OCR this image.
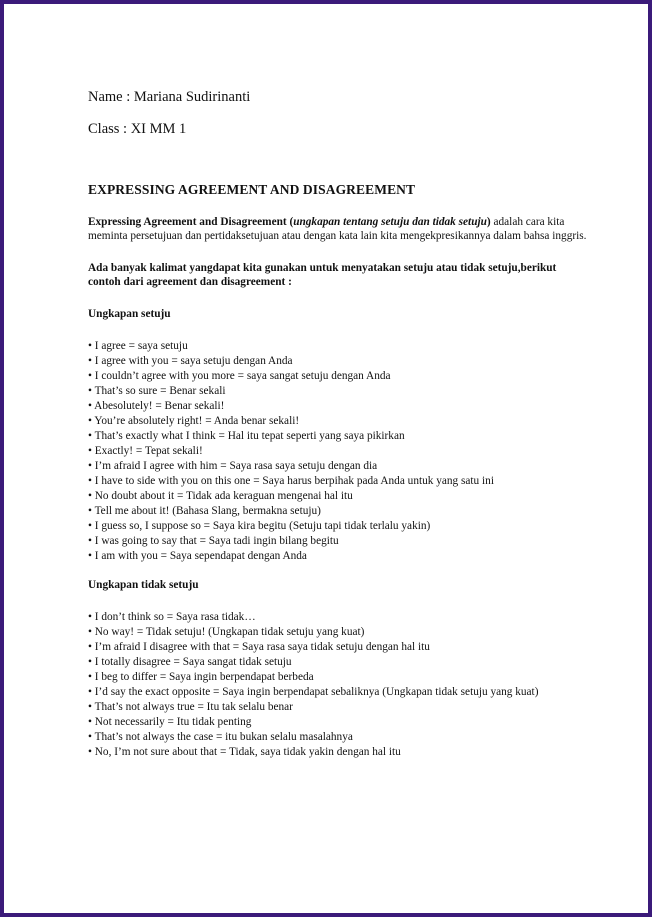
Name : Mariana Sudirinanti

Class : XI MM 1

EXPRESSING AGREEMENT AND DISAGREEMENT

Expressing Agreement and Disagreement (ungkapan tentang setuju dan tidak setuju) adalah cara kita meminta persetujuan dan pertidaksetujuan atau dengan kata lain kita mengekpresikannya dalam bahsa inggris.

Ada banyak kalimat yangdapat kita gunakan untuk menyatakan setuju atau tidak setuju,berikut contoh dari agreement dan disagreement :

Ungkapan setuju

• I agree = saya setuju
• I agree with you = saya setuju dengan Anda
• I couldn’t agree with you more = saya sangat setuju dengan Anda
• That’s so sure = Benar sekali
• Abesolutely! = Benar sekali!
• You’re absolutely right! = Anda benar sekali!
• That’s exactly what I think = Hal itu tepat seperti yang saya pikirkan
• Exactly! = Tepat sekali!
• I’m afraid I agree with him = Saya rasa saya setuju dengan dia
• I have to side with you on this one = Saya harus berpihak pada Anda untuk yang satu ini
• No doubt about it = Tidak ada keraguan mengenai hal itu
• Tell me about it! (Bahasa Slang, bermakna setuju)
• I guess so, I suppose so = Saya kira begitu (Setuju tapi tidak terlalu yakin)
• I was going to say that = Saya tadi ingin bilang begitu
• I am with you = Saya sependapat dengan Anda

Ungkapan tidak setuju

• I don’t think so = Saya rasa tidak…
• No way! = Tidak setuju! (Ungkapan tidak setuju yang kuat)
• I’m afraid I disagree with that = Saya rasa saya tidak setuju dengan hal itu
• I totally disagree = Saya sangat tidak setuju
• I beg to differ = Saya ingin berpendapat berbeda
• I’d say the exact opposite = Saya ingin berpendapat sebaliknya (Ungkapan tidak setuju yang kuat)
• That’s not always true = Itu tak selalu benar
• Not necessarily = Itu tidak penting
• That’s not always the case = itu bukan selalu masalahnya
• No, I’m not sure about that = Tidak, saya tidak yakin dengan hal itu
